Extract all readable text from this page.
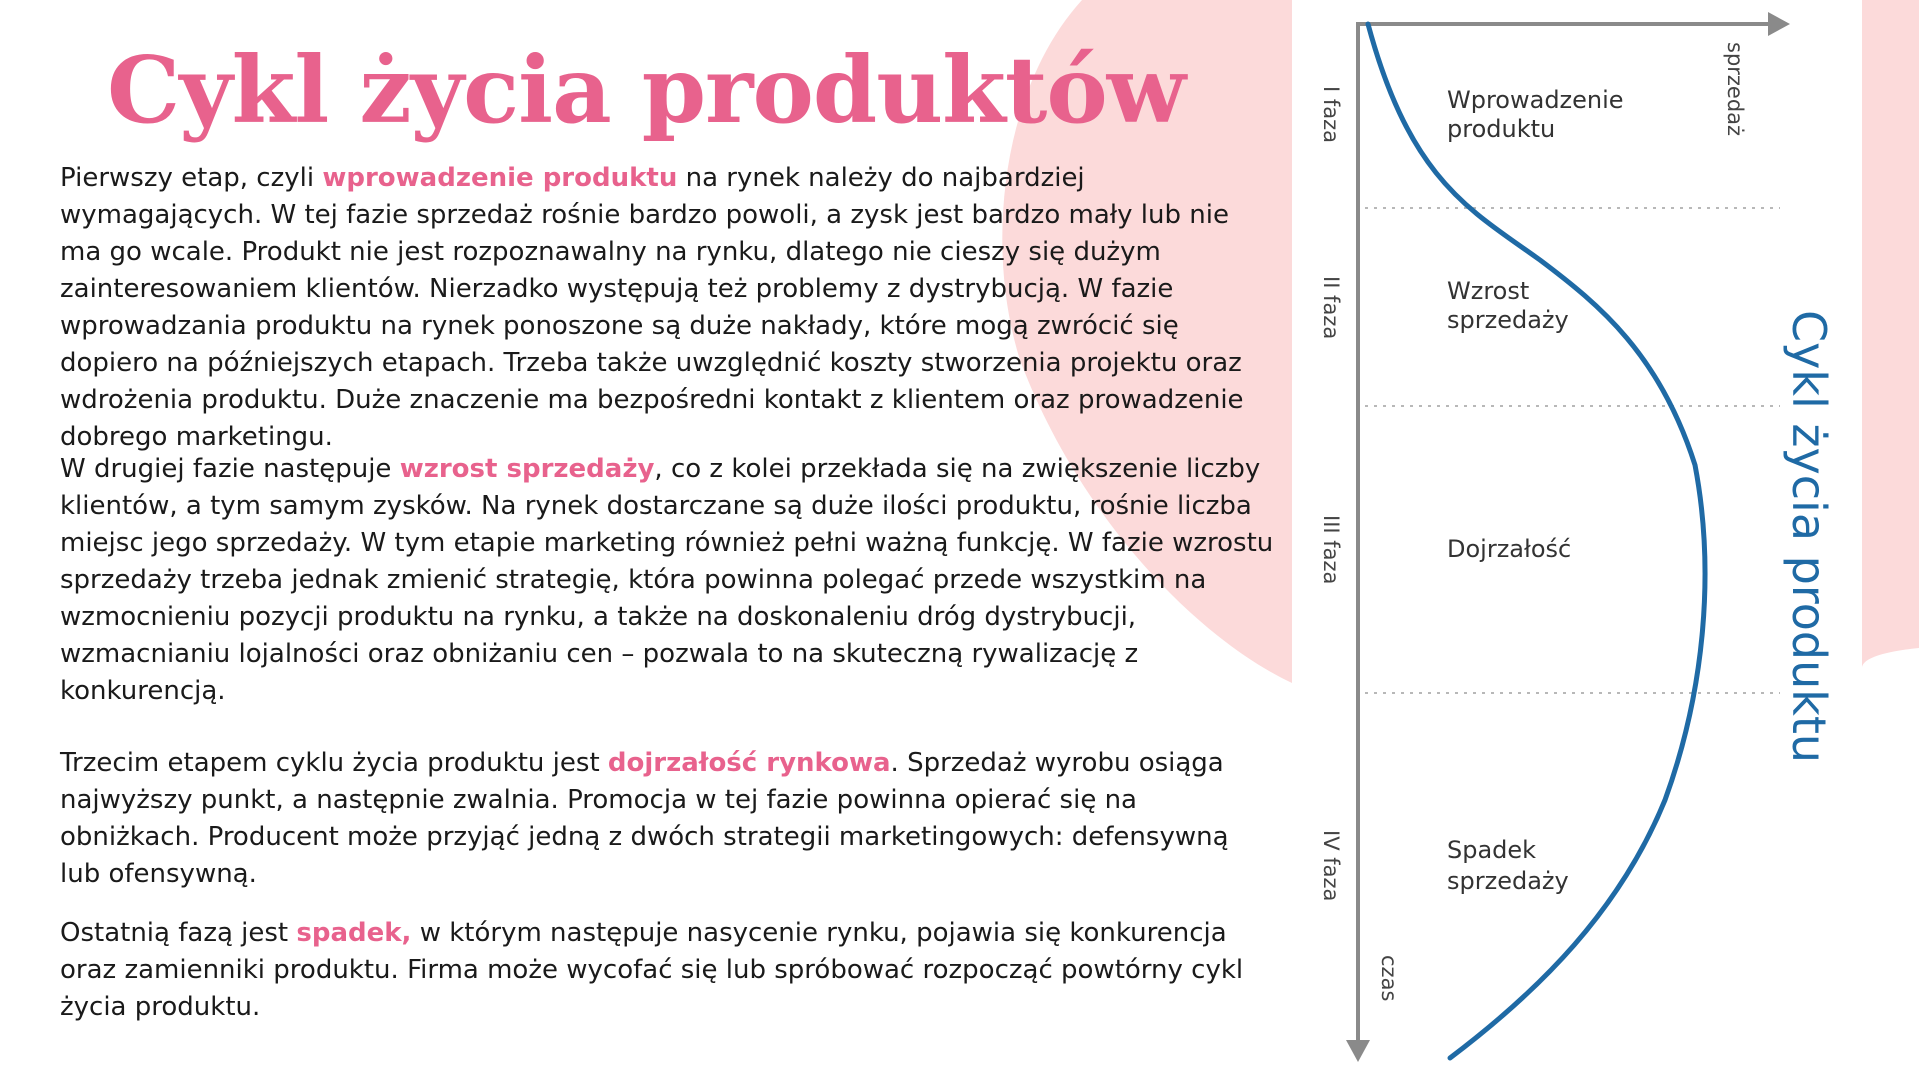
Cykl życia produktów

Pierwszy etap, czyli wprowadzenie produktu na rynek należy do najbardziej wymagających. W tej fazie sprzedaż rośnie bardzo powoli, a zysk jest bardzo mały lub nie ma go wcale. Produkt nie jest rozpoznawalny na rynku, dlatego nie cieszy się dużym zainteresowaniem klientów. Nierzadko występują też problemy z dystrybucją. W fazie wprowadzania produktu na rynek ponoszone są duże nakłady, które mogą zwrócić się dopiero na późniejszych etapach. Trzeba także uwzględnić koszty stworzenia projektu oraz wdrożenia produktu. Duże znaczenie ma bezpośredni kontakt z klientem oraz prowadzenie dobrego marketingu.

W drugiej fazie następuje wzrost sprzedaży, co z kolei przekłada się na zwiększenie liczby klientów, a tym samym zysków. Na rynek dostarczane są duże ilości produktu, rośnie liczba miejsc jego sprzedaży. W tym etapie marketing również pełni ważną funkcję. W fazie wzrostu sprzedaży trzeba jednak zmienić strategię, która powinna polegać przede wszystkim na wzmocnieniu pozycji produktu na rynku, a także na doskonaleniu dróg dystrybucji, wzmacnianiu lojalności oraz obniżaniu cen – pozwala to na skuteczną rywalizację z konkurencją.

Trzecim etapem cyklu życia produktu jest dojrzałość rynkowa. Sprzedaż wyrobu osiąga najwyższy punkt, a następnie zwalnia. Promocja w tej fazie powinna opierać się na obniżkach. Producent może przyjąć jedną z dwóch strategii marketingowych: defensywną lub ofensywną.

Ostatnią fazą jest spadek, w którym następuje nasycenie rynku, pojawia się konkurencja oraz zamienniki produktu. Firma może wycofać się lub spróbować rozpocząć powtórny cykl życia produktu.

sprzedaż
czas
I faza
II faza
III faza
IV faza
Wprowadzenie produktu
Wzrost sprzedaży
Dojrzałość
Spadek sprzedaży
Cykl życia produktu
